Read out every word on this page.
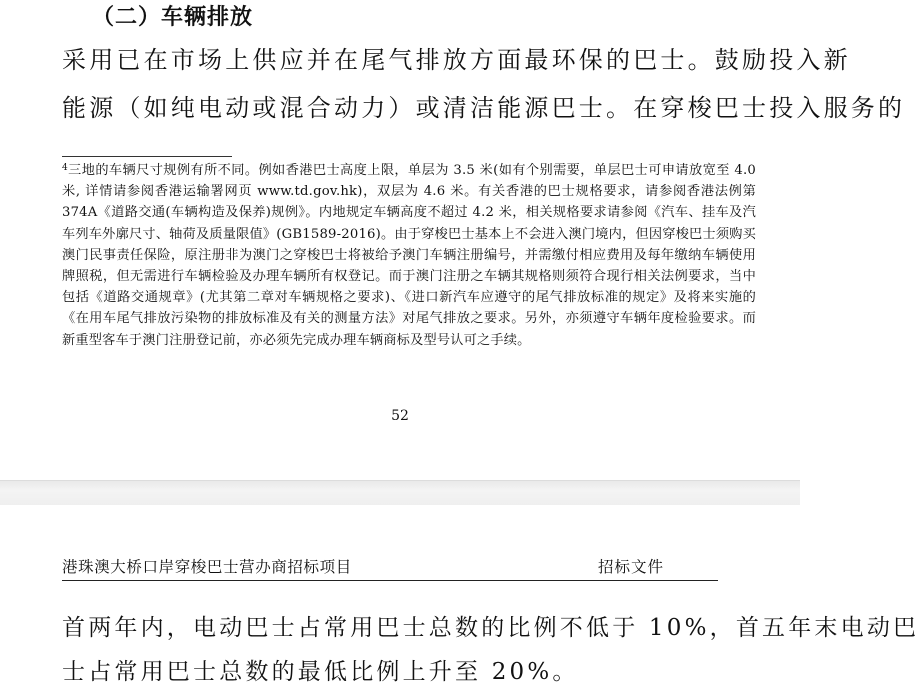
（二）车辆排放
采用已在市场上供应并在尾气排放方面最环保的巴士。鼓励投入新
能源（如纯电动或混合动力）或清洁能源巴士。在穿梭巴士投入服务的
$^4$三地的车辆尺寸规例有所不同。例如香港巴士高度上限，单层为 3.5 米(如有个别需要，单层巴士可申请放宽至 4.0 米, 详情请参阅香港运输署网页 www.td.gov.hk)，双层为 4.6 米。有关香港的巴士规格要求，请参阅香港法例第 374A《道路交通(车辆构造及保养)规例》。内地规定车辆高度不超过 4.2 米，相关规格要求请参阅《汽车、挂车及汽车列车外廓尺寸、轴荷及质量限值》(GB1589-2016)。由于穿梭巴士基本上不会进入澳门境内，但因穿梭巴士须购买澳门民事责任保险，原注册非为澳门之穿梭巴士将被给予澳门车辆注册编号，并需缴付相应费用及每年缴纳车辆使用牌照税，但无需进行车辆检验及办理车辆所有权登记。而于澳门注册之车辆其规格则须符合现行相关法例要求，当中包括《道路交通规章》(尤其第二章对车辆规格之要求)、《进口新汽车应遵守的尾气排放标准的规定》及将来实施的《在用车尾气排放污染物的排放标准及有关的测量方法》对尾气排放之要求。另外，亦须遵守车辆年度检验要求。而新重型客车于澳门注册登记前，亦必须先完成办理车辆商标及型号认可之手续。
52
港珠澳大桥口岸穿梭巴士营办商招标项目	招标文件
首两年内，电动巴士占常用巴士总数的比例不低于 10%，首五年末电动巴
士占常用巴士总数的最低比例上升至 20%。
